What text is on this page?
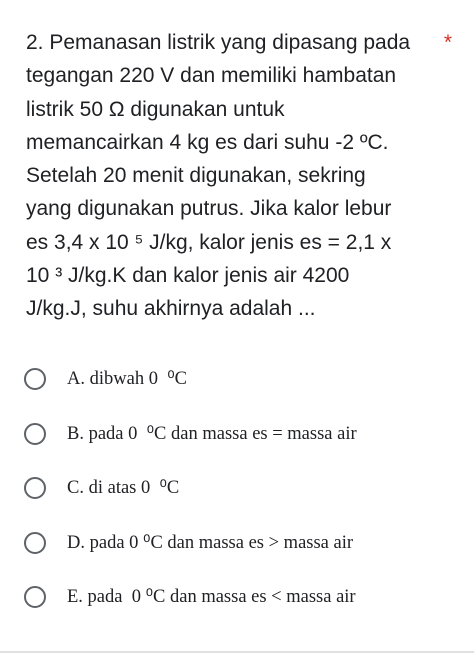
2. Pemanasan listrik yang dipasang pada	*
tegangan 220 V dan memiliki hambatan
listrik 50 Ω digunakan untuk
memancairkan 4 kg es dari suhu -2 ºC.
Setelah 20 menit digunakan, sekring
yang digunakan putrus. Jika kalor lebur
es 3,4 x 10 ⁵ J/kg, kalor jenis es = 2,1 x
10 ³ J/kg.K dan kalor jenis air 4200
J/kg.J, suhu akhirnya adalah ...
A. dibwah 0  ⁰C
B. pada 0  ⁰C dan massa es = massa air
C. di atas 0  ⁰C
D. pada 0 ⁰C dan massa es > massa air
E. pada  0 ⁰C dan massa es < massa air
